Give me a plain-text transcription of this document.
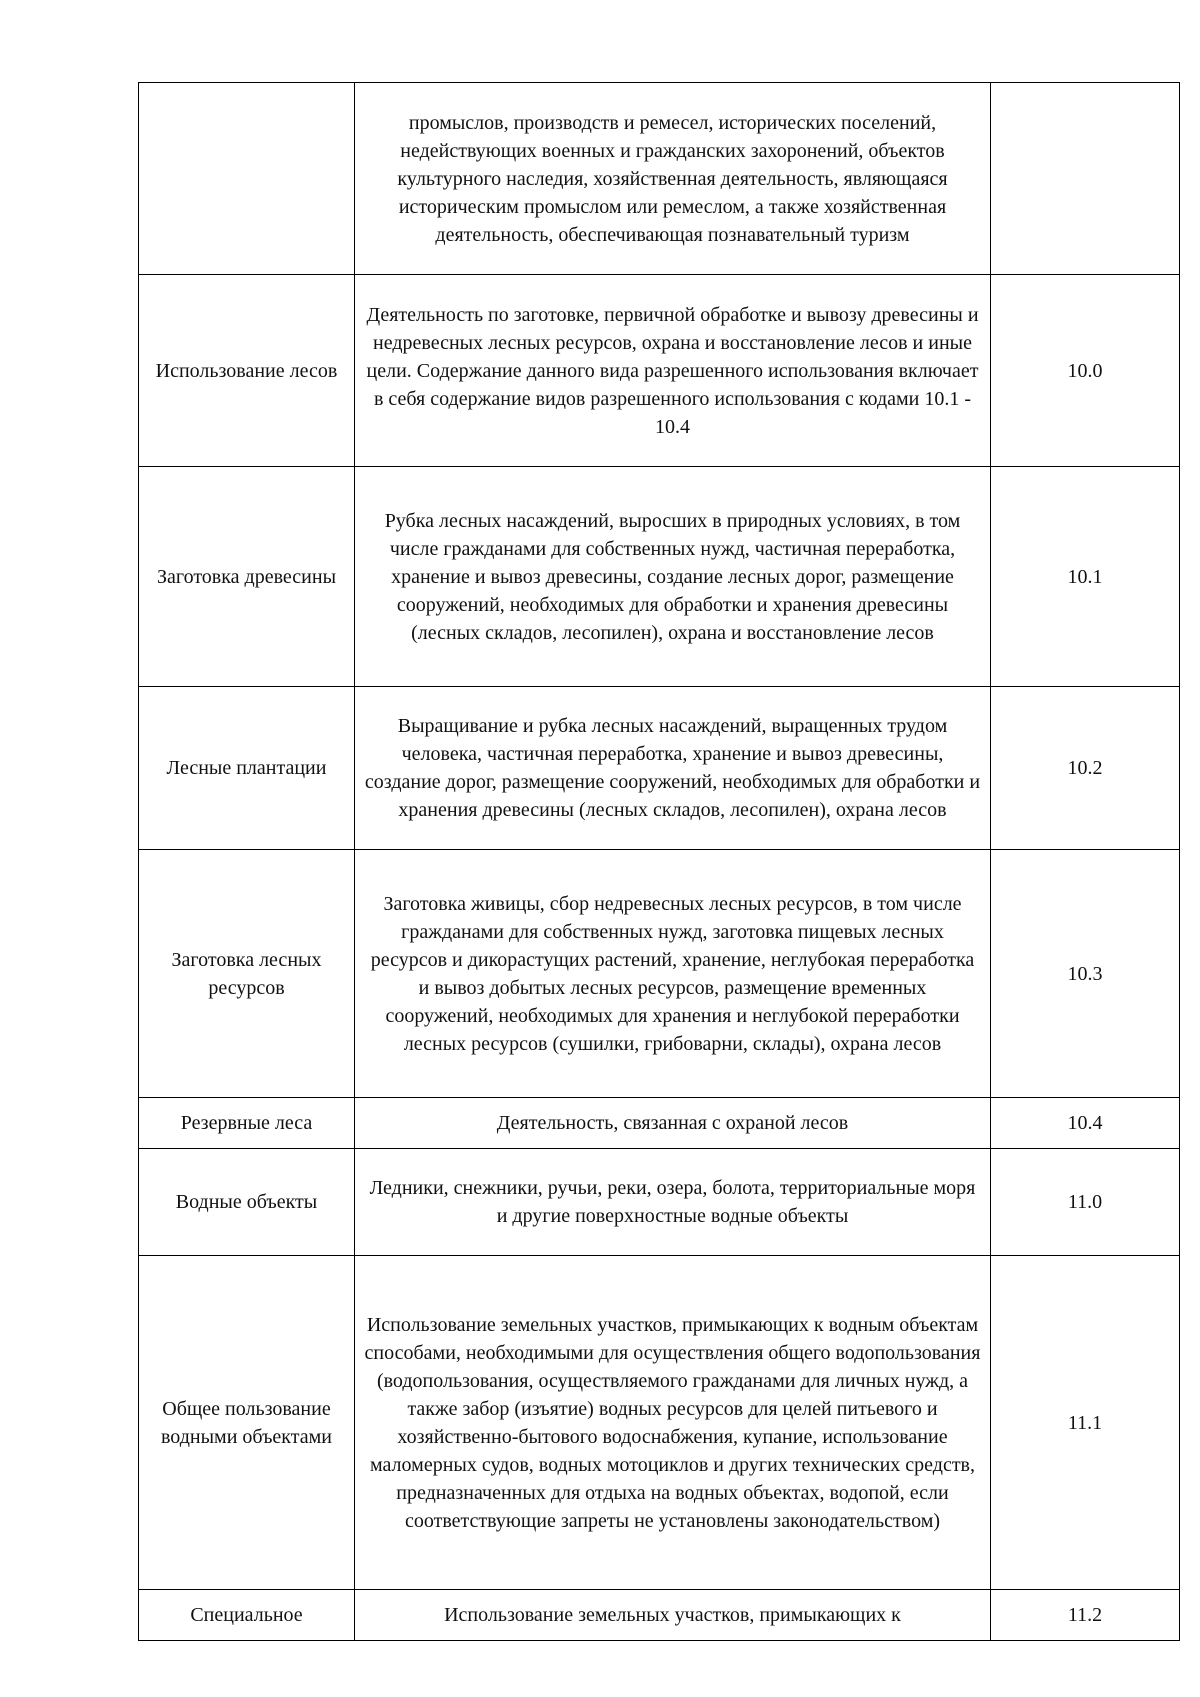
	промыслов, производств и ремесел, исторических поселений, недействующих военных и гражданских захоронений, объектов культурного наследия, хозяйственная деятельность, являющаяся историческим промыслом или ремеслом, а также хозяйственная деятельность, обеспечивающая познавательный туризм	
Использование лесов	Деятельность по заготовке, первичной обработке и вывозу древесины и недревесных лесных ресурсов, охрана и восстановление лесов и иные цели. Содержание данного вида разрешенного использования включает в себя содержание видов разрешенного использования с кодами 10.1 - 10.4	10.0
Заготовка древесины	Рубка лесных насаждений, выросших в природных условиях, в том числе гражданами для собственных нужд, частичная переработка, хранение и вывоз древесины, создание лесных дорог, размещение сооружений, необходимых для обработки и хранения древесины (лесных складов, лесопилен), охрана и восстановление лесов	10.1
Лесные плантации	Выращивание и рубка лесных насаждений, выращенных трудом человека, частичная переработка, хранение и вывоз древесины, создание дорог, размещение сооружений, необходимых для обработки и хранения древесины (лесных складов, лесопилен), охрана лесов	10.2
Заготовка лесных ресурсов	Заготовка живицы, сбор недревесных лесных ресурсов, в том числе гражданами для собственных нужд, заготовка пищевых лесных ресурсов и дикорастущих растений, хранение, неглубокая переработка и вывоз добытых лесных ресурсов, размещение временных сооружений, необходимых для хранения и неглубокой переработки лесных ресурсов (сушилки, грибоварни, склады), охрана лесов	10.3
Резервные леса	Деятельность, связанная с охраной лесов	10.4
Водные объекты	Ледники, снежники, ручьи, реки, озера, болота, территориальные моря и другие поверхностные водные объекты	11.0
Общее пользование водными объектами	Использование земельных участков, примыкающих к водным объектам способами, необходимыми для осуществления общего водопользования (водопользования, осуществляемого гражданами для личных нужд, а также забор (изъятие) водных ресурсов для целей питьевого и хозяйственно-бытового водоснабжения, купание, использование маломерных судов, водных мотоциклов и других технических средств, предназначенных для отдыха на водных объектах, водопой, если соответствующие запреты не установлены законодательством)	11.1
Специальное	Использование земельных участков, примыкающих к	11.2
